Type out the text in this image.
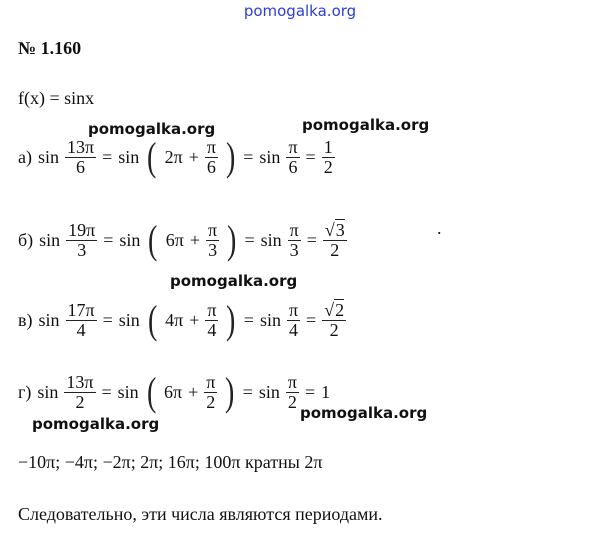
pomogalka.org
№ 1.160
f(x) = sinx
pomogalka.org	pomogalka.org
pomogalka.org
pomogalka.org
pomogalka.org
а) $\sin \frac{13\pi}{6} = \sin$ ( $2\pi + \frac{\pi}{6}$ ) = $\sin \frac{\pi}{6} = \frac{1}{2}$
б) $\sin \frac{19\pi}{3} = \sin$ ( $6\pi + \frac{\pi}{3}$ ) = $\sin \frac{\pi}{3} = \frac{√3}{2}$	.
в) $\sin \frac{17\pi}{4} = \sin$ ( $4\pi + \frac{\pi}{4}$ ) = $\sin \frac{\pi}{4} = \frac{√2}{2}$
г) $\sin \frac{13\pi}{2} = \sin$ ( $6\pi + \frac{\pi}{2}$ ) = $\sin \frac{\pi}{2} = 1$
−10π; −4π; −2π; 2π; 16π; 100π кратны 2π
Следовательно, эти числа являются периодами.
